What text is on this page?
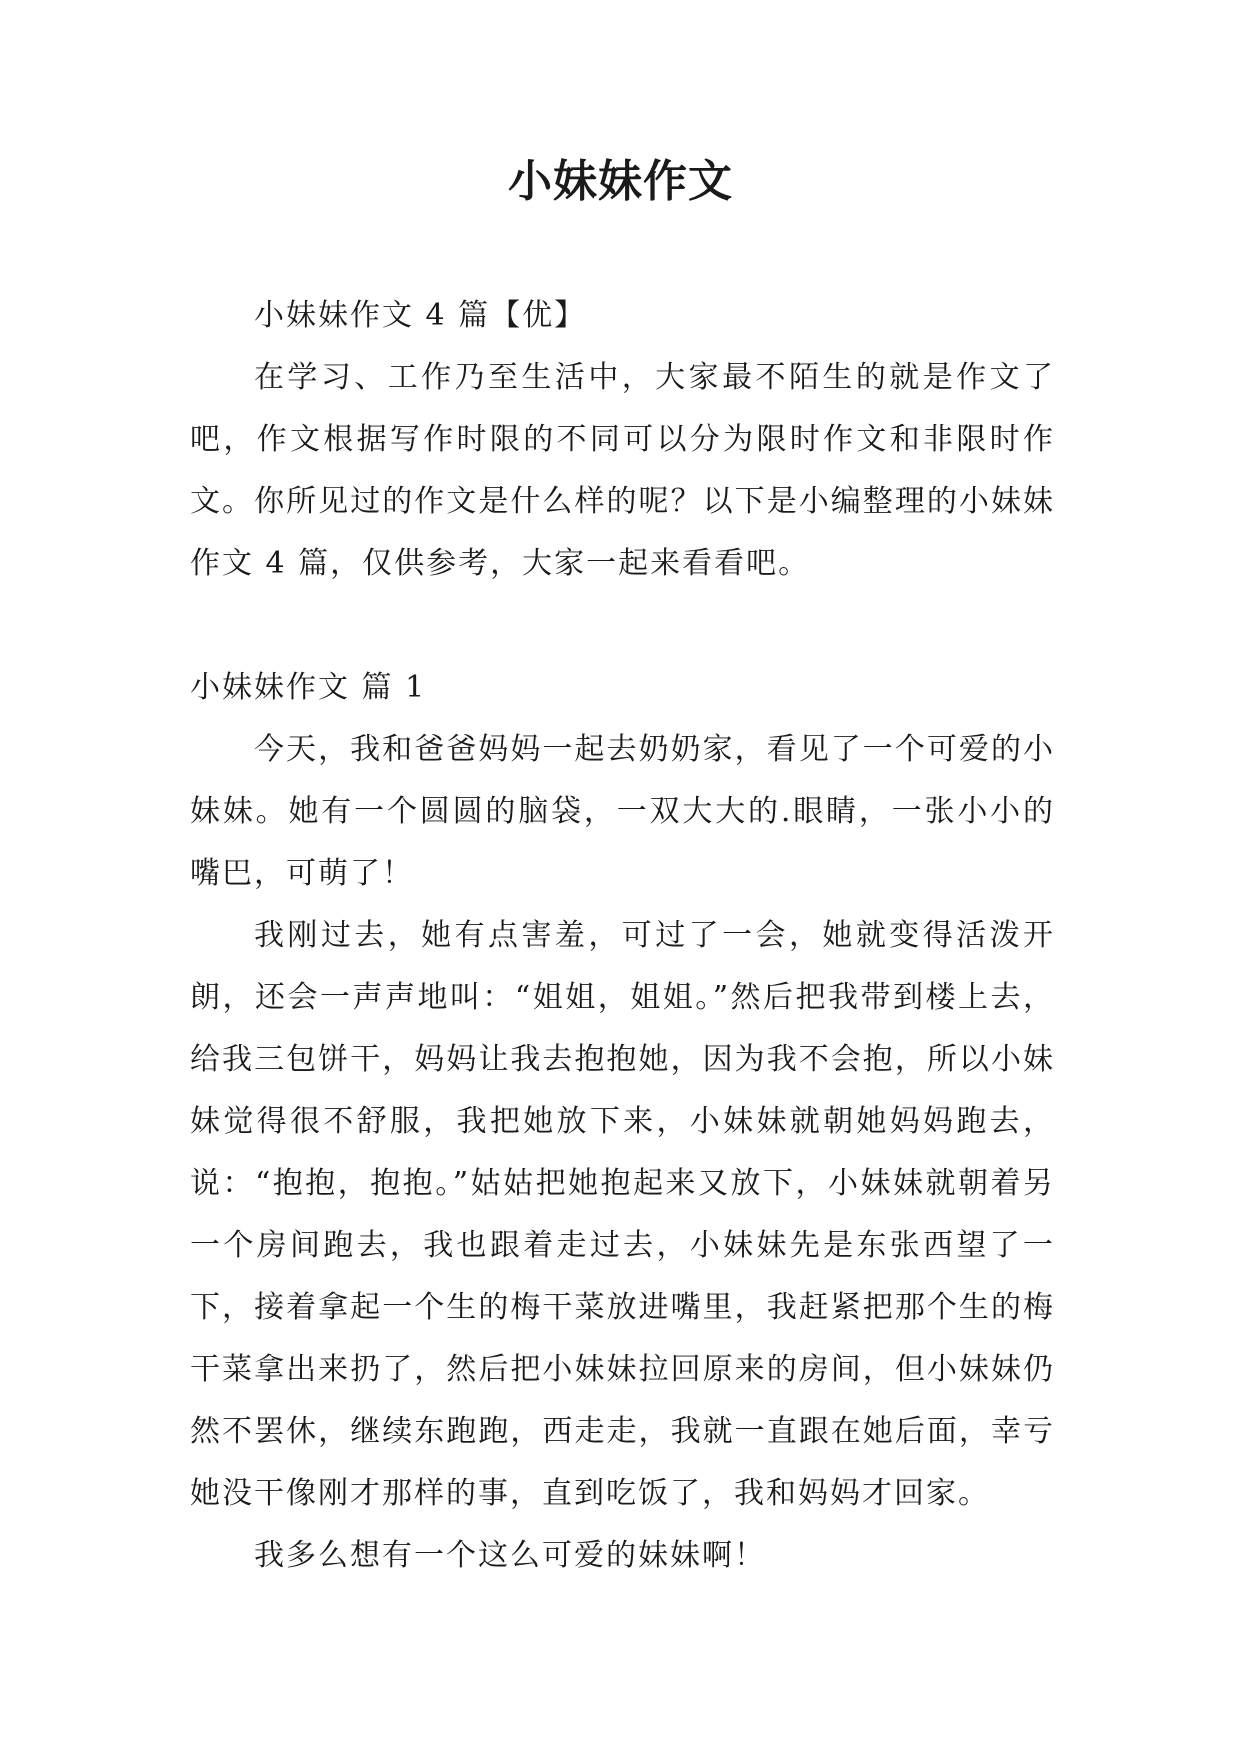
小妹妹作文

小妹妹作文 4 篇【优】

在学习、工作乃至生活中，大家最不陌生的就是作文了吧，作文根据写作时限的不同可以分为限时作文和非限时作文。你所见过的作文是什么样的呢？以下是小编整理的小妹妹作文 4 篇，仅供参考，大家一起来看看吧。

小妹妹作文 篇 1

今天，我和爸爸妈妈一起去奶奶家，看见了一个可爱的小妹妹。她有一个圆圆的脑袋，一双大大的.眼睛，一张小小的嘴巴，可萌了！

我刚过去，她有点害羞，可过了一会，她就变得活泼开朗，还会一声声地叫：“姐姐，姐姐。”然后把我带到楼上去，给我三包饼干，妈妈让我去抱抱她，因为我不会抱，所以小妹妹觉得很不舒服，我把她放下来，小妹妹就朝她妈妈跑去，说：“抱抱，抱抱。”姑姑把她抱起来又放下，小妹妹就朝着另一个房间跑去，我也跟着走过去，小妹妹先是东张西望了一下，接着拿起一个生的梅干菜放进嘴里，我赶紧把那个生的梅干菜拿出来扔了，然后把小妹妹拉回原来的房间，但小妹妹仍然不罢休，继续东跑跑，西走走，我就一直跟在她后面，幸亏她没干像刚才那样的事，直到吃饭了，我和妈妈才回家。

我多么想有一个这么可爱的妹妹啊！
